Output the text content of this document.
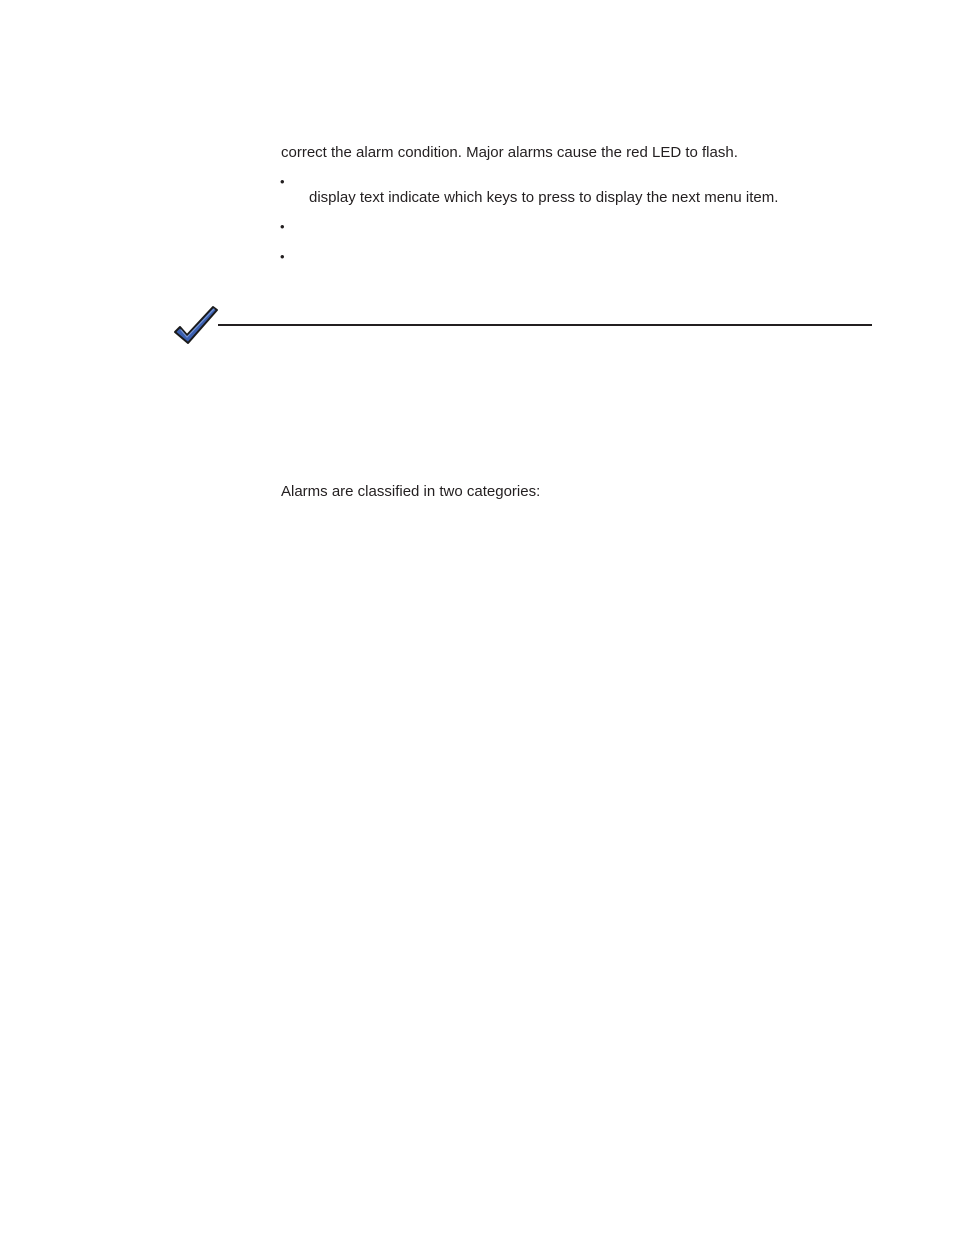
correct the alarm condition. Major alarms cause the red LED to flash.
•
display text indicate which keys to press to display the next menu item.
•
•
Alarms are classified in two categories:
